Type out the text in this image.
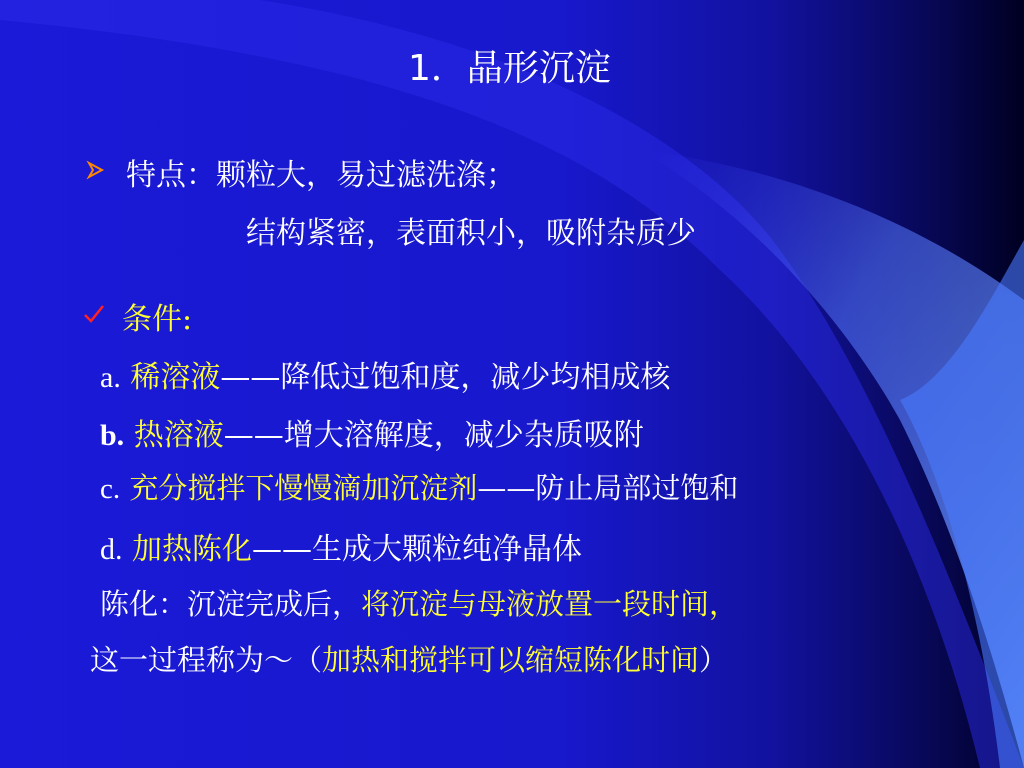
1．晶形沉淀
特点：颗粒大，易过滤洗涤；
结构紧密，表面积小，吸附杂质少
条件:
a. 稀溶液——降低过饱和度，减少均相成核
b. 热溶液——增大溶解度，减少杂质吸附
c. 充分搅拌下慢慢滴加沉淀剂——防止局部过饱和
d. 加热陈化——生成大颗粒纯净晶体
陈化：沉淀完成后，将沉淀与母液放置一段时间，
这一过程称为～（加热和搅拌可以缩短陈化时间）
